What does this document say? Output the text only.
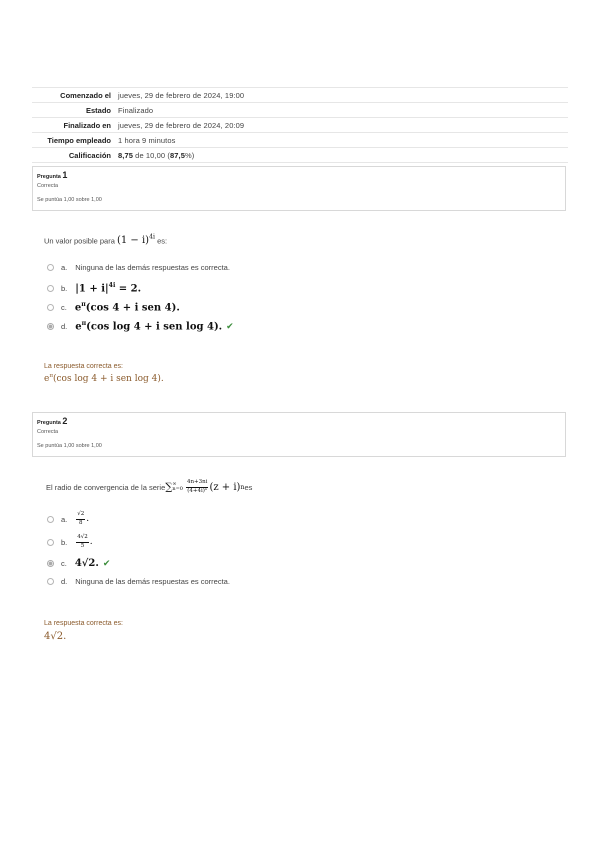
Comenzado el	jueves, 29 de febrero de 2024, 19:00
Estado	Finalizado
Finalizado en	jueves, 29 de febrero de 2024, 20:09
Tiempo empleado	1 hora 9 minutos
Calificación	8,75 de 10,00 (87,5%)
Pregunta 1
Correcta
Se puntúa 1,00 sobre 1,00
Un valor posible para $(1 - i)^{4i}$ es:
a. Ninguna de las demás respuestas es correcta.
b. $|1 + i|^{4i} = 2$.
c. $e^\pi(\cos$ 4 + i sen 4).
d. $e^\pi(\cos$ log 4 + i sen log 4). ✔
La respuesta correcta es:
$e^\pi(\cos$ log 4 + i sen log 4).
Pregunta 2
Correcta
Se puntúa 1,00 sobre 1,00
El radio de convergencia de la serie ∑ ∞
$n=0 \frac{4n+3ni}{\text{(4+4i)ⁿ}} (z + i)$ n es
a. $\frac{√2}{8}$ .
b. $\frac{4√2}{5}$ .
c. 4√2. ✔
d. Ninguna de las demás respuestas es correcta.
La respuesta correcta es:
4√2.
